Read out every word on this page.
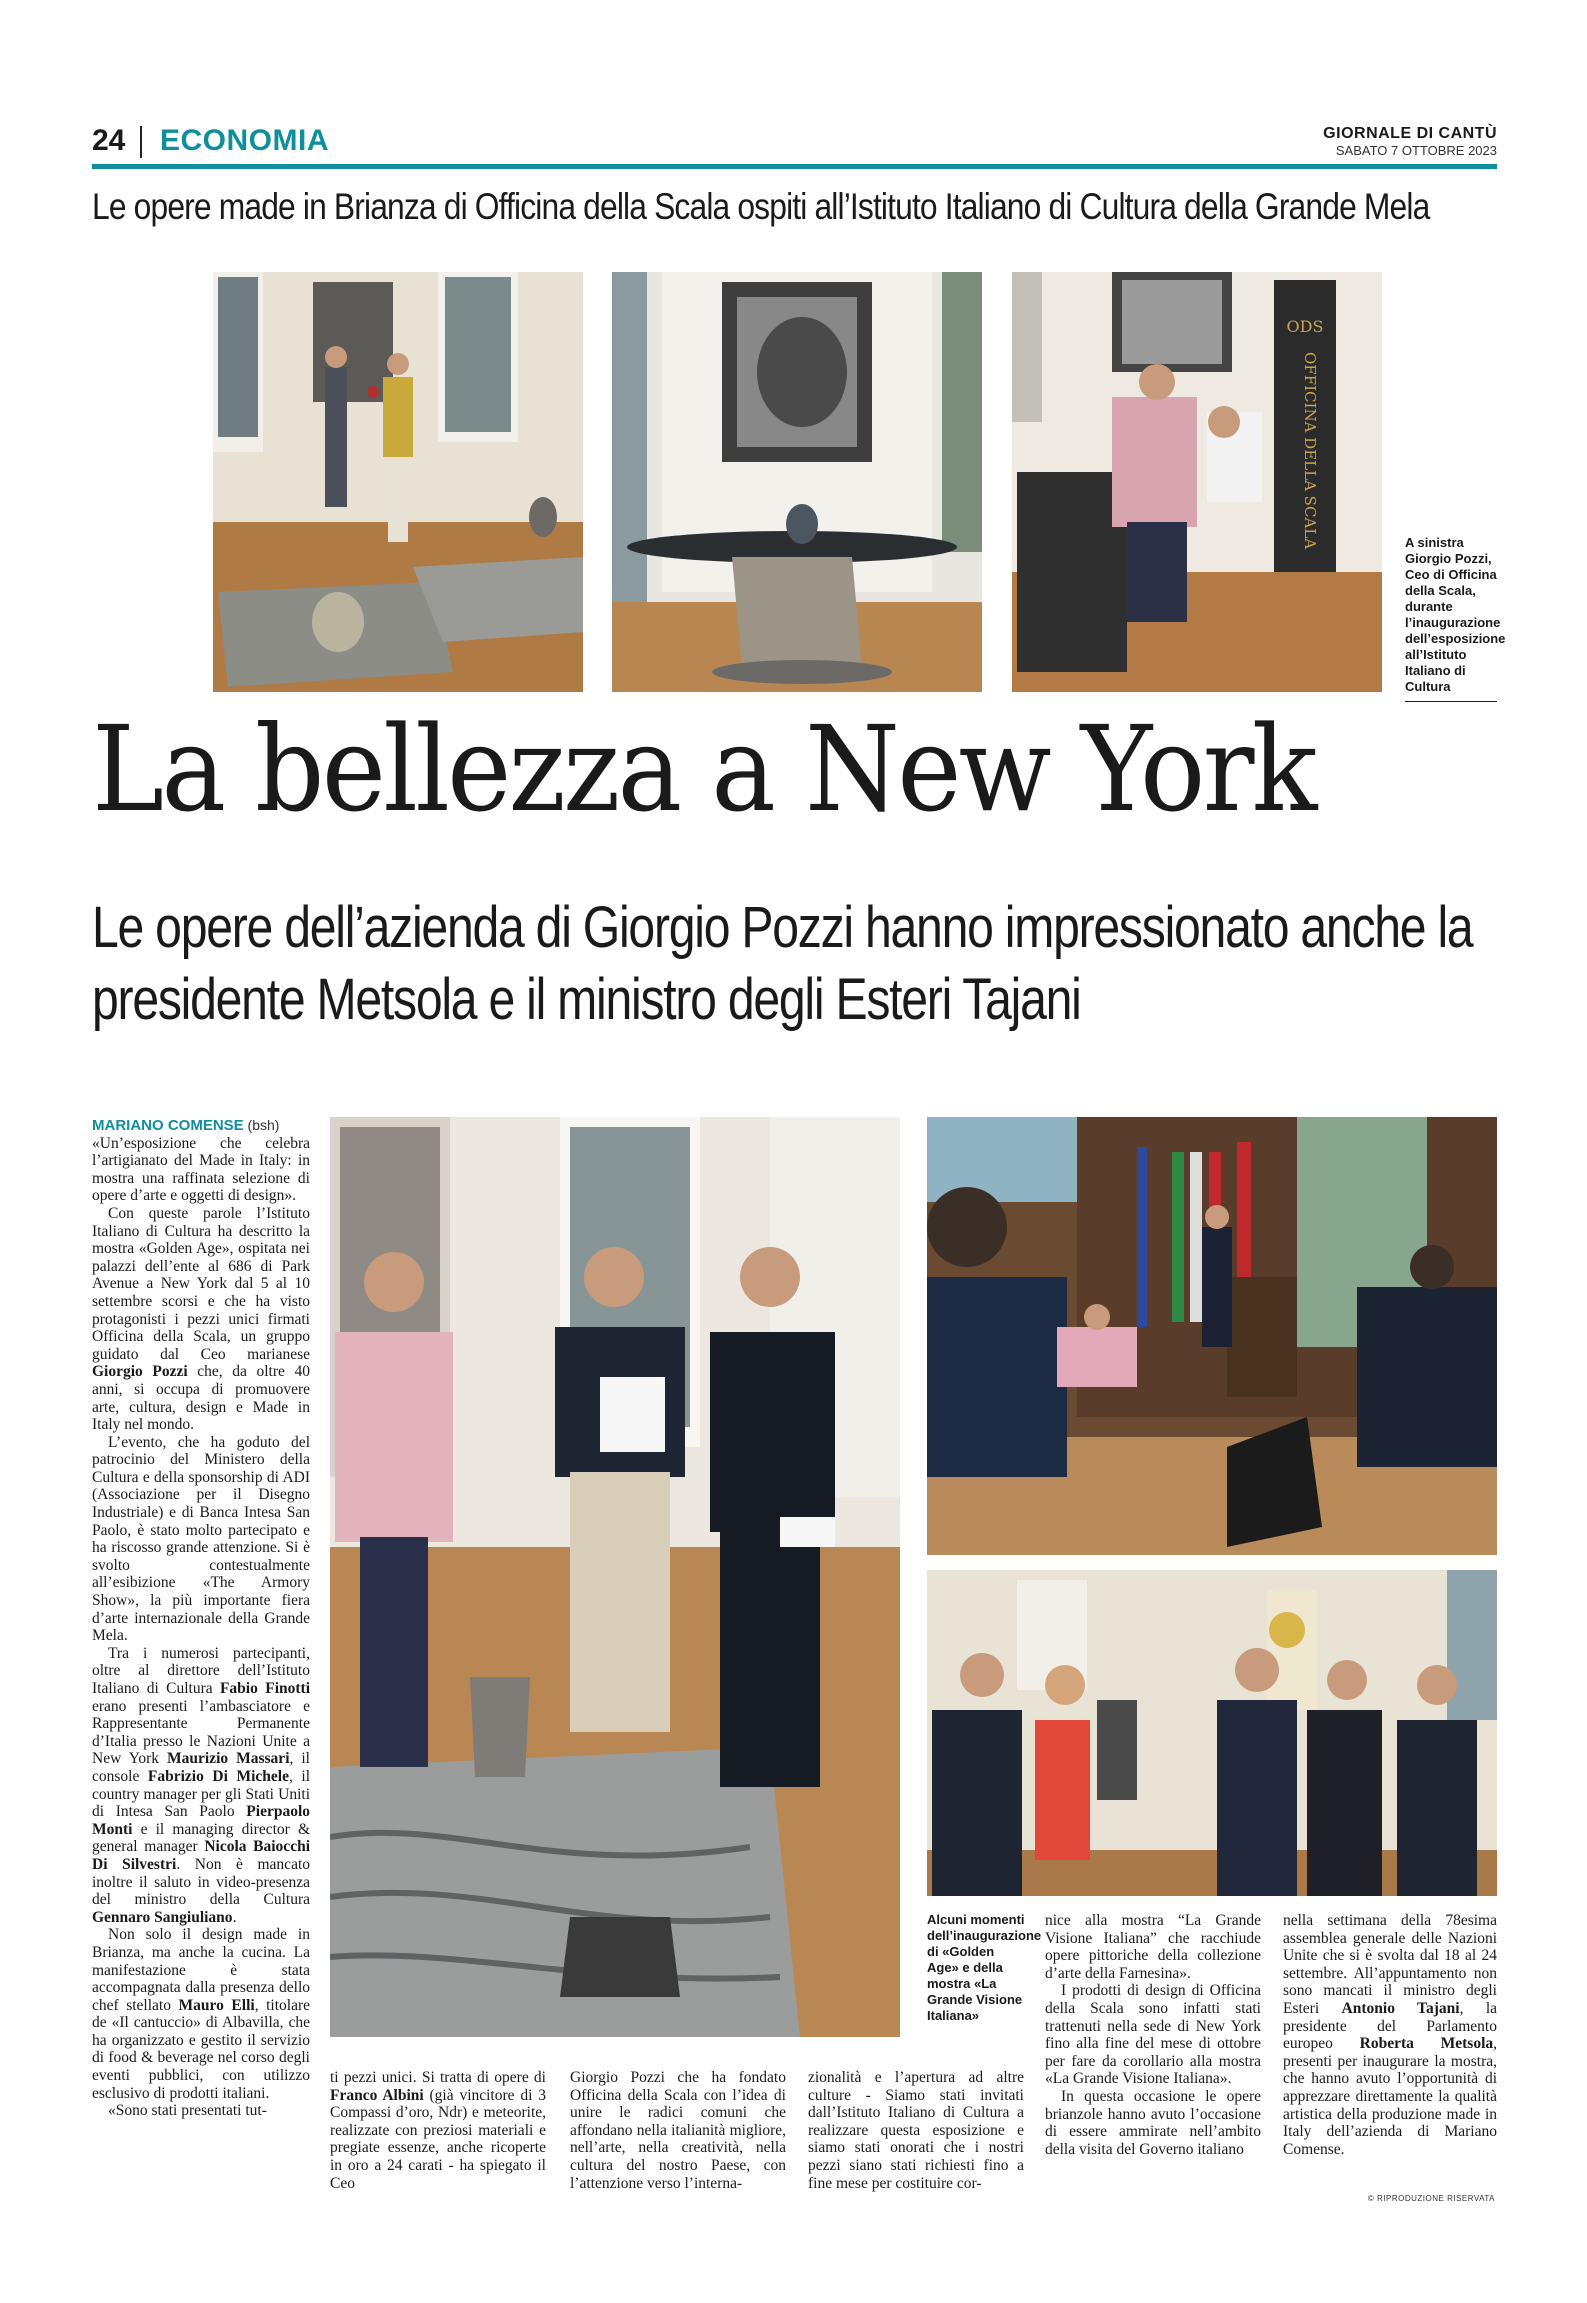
24 ECONOMIA	GIORNALE DI CANTÙ
SABATO 7 OTTOBRE 2023
Le opere made in Brianza di Officina della Scala ospiti all’Istituto Italiano di Cultura della Grande Mela
ODS
OFFICINA DELLA SCALA	A sinistra Giorgio Pozzi, Ceo di Officina della Scala, durante l’inaugurazione dell’esposizione all’Istituto Italiano di Cultura
La bellezza a New York
Le opere dell’azienda di Giorgio Pozzi hanno impressionato anche la presidente Metsola e il ministro degli Esteri Tajani

MARIANO COMENSE (bsh)
«Un’esposizione che celebra l’artigianato del Made in Italy: in mostra una raffinata selezione di opere d’arte e oggetti di design».

Con queste parole l’Istituto Italiano di Cultura ha descritto la mostra «Golden Age», ospitata nei palazzi dell’ente al 686 di Park Avenue a New York dal 5 al 10 settembre scorsi e che ha visto protagonisti i pezzi unici firmati Officina della Scala, un gruppo guidato dal Ceo marianese Giorgio Pozzi che, da oltre 40 anni, si occupa di promuovere arte, cultura, design e Made in Italy nel mondo.

L’evento, che ha goduto del patrocinio del Ministero della Cultura e della sponsorship di ADI (Associazione per il Disegno Industriale) e di Banca Intesa San Paolo, è stato molto partecipato e ha riscosso grande attenzione. Si è svolto contestualmente all’esibizione «The Armory Show», la più importante fiera d’arte internazionale della Grande Mela.

Tra i numerosi partecipanti, oltre al direttore dell’Istituto Italiano di Cultura Fabio Finotti erano presenti l’ambasciatore e Rappresentante Permanente d’Italia presso le Nazioni Unite a New York Maurizio Massari, il console Fabrizio Di Michele, il country manager per gli Stati Uniti di Intesa San Paolo Pierpaolo Monti e il managing director & general manager Nicola Baiocchi Di Silvestri. Non è mancato inoltre il saluto in video-presenza del ministro della Cultura Gennaro Sangiuliano.

Non solo il design made in Brianza, ma anche la cucina. La manifestazione è stata accompagnata dalla presenza dello chef stellato Mauro Elli, titolare de «Il cantuccio» di Albavilla, che ha organizzato e gestito il servizio di food & beverage nel corso degli eventi pubblici, con utilizzo esclusivo di prodotti italiani.

«Sono stati presentati tut-

Alcuni momenti dell’inaugurazione di «Golden Age» e della mostra «La Grande Visione Italiana»

ti pezzi unici. Si tratta di opere di Franco Albini (già vincitore di 3 Compassi d’oro, Ndr) e meteorite, realizzate con preziosi materiali e pregiate essenze, anche ricoperte in oro a 24 carati - ha spiegato il Ceo

Giorgio Pozzi che ha fondato Officina della Scala con l’idea di unire le radici comuni che affondano nella italianità migliore, nell’arte, nella creatività, nella cultura del nostro Paese, con l’attenzione verso l’interna-

zionalità e l’apertura ad altre culture - Siamo stati invitati dall’Istituto Italiano di Cultura a realizzare questa esposizione e siamo stati onorati che i nostri pezzi siano stati richiesti fino a fine mese per costituire cor-

nice alla mostra “La Grande Visione Italiana” che racchiude opere pittoriche della collezione d’arte della Farnesina».

I prodotti di design di Officina della Scala sono infatti stati trattenuti nella sede di New York fino alla fine del mese di ottobre per fare da corollario alla mostra «La Grande Visione Italiana».

In questa occasione le opere brianzole hanno avuto l’occasione di essere ammirate nell’ambito della visita del Governo italiano

nella settimana della 78esima assemblea generale delle Nazioni Unite che si è svolta dal 18 al 24 settembre. All’appuntamento non sono mancati il ministro degli Esteri Antonio Tajani, la presidente del Parlamento europeo Roberta Metsola, presenti per inaugurare la mostra, che hanno avuto l’opportunità di apprezzare direttamente la qualità artistica della produzione made in Italy dell’azienda di Mariano Comense.

© RIPRODUZIONE RISERVATA
